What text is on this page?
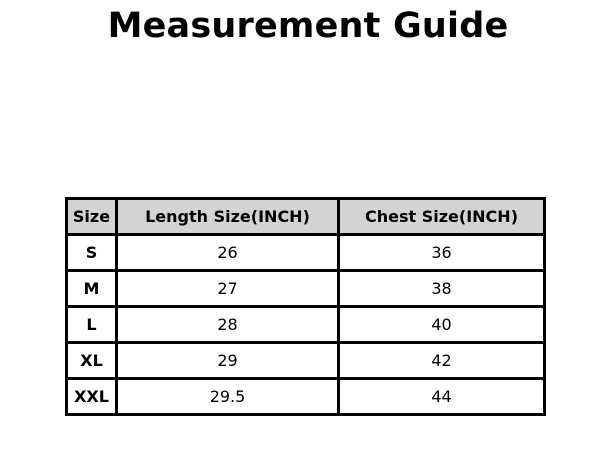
Measurement Guide
Size	Length Size(INCH)	Chest Size(INCH)
S	26	36
M	27	38
L	28	40
XL	29	42
XXL	29.5	44
